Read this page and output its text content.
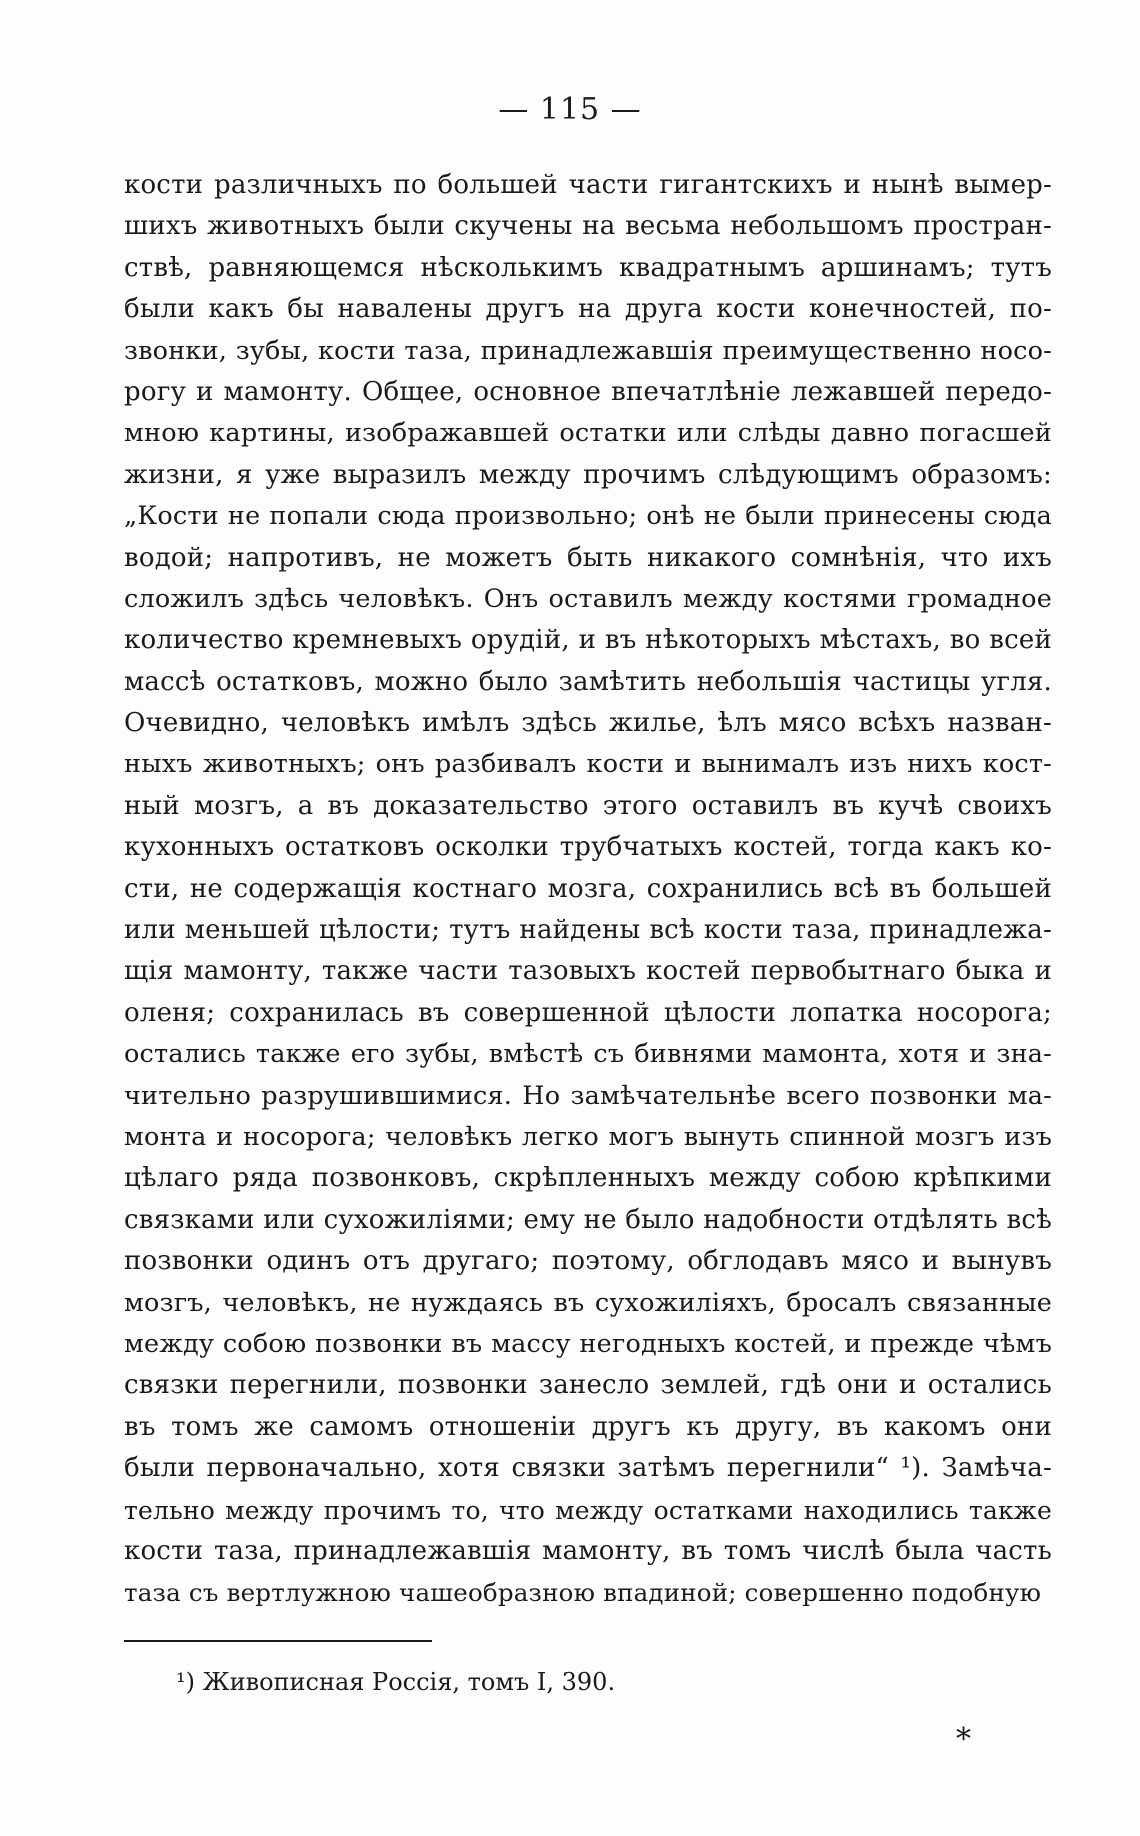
— 115 —
кости различныхъ по большей части гигантскихъ и нынѣ вымер-
шихъ животныхъ были скучены на весьма небольшомъ простран-
ствѣ, равняющемся нѣсколькимъ квадратнымъ аршинамъ; тутъ
были какъ бы навалены другъ на друга кости конечностей, по-
звонки, зубы, кости таза, принадлежавшія преимущественно носо-
рогу и мамонту. Общее, основное впечатлѣніе лежавшей передо-
мною картины, изображавшей остатки или слѣды давно погасшей
жизни, я уже выразилъ между прочимъ слѣдующимъ образомъ:
„Кости не попали сюда произвольно; онѣ не были принесены сюда
водой; напротивъ, не можетъ быть никакого сомнѣнія, что ихъ
сложилъ здѣсь человѣкъ. Онъ оставилъ между костями громадное
количество кремневыхъ орудій, и въ нѣкоторыхъ мѣстахъ, во всей
массѣ остатковъ, можно было замѣтить небольшія частицы угля.
Очевидно, человѣкъ имѣлъ здѣсь жилье, ѣлъ мясо всѣхъ назван-
ныхъ животныхъ; онъ разбивалъ кости и вынималъ изъ нихъ кост-
ный мозгъ, а въ доказательство этого оставилъ въ кучѣ своихъ
кухонныхъ остатковъ осколки трубчатыхъ костей, тогда какъ ко-
сти, не содержащія костнаго мозга, сохранились всѣ въ большей
или меньшей цѣлости; тутъ найдены всѣ кости таза, принадлежа-
щія мамонту, также части тазовыхъ костей первобытнаго быка и
оленя; сохранилась въ совершенной цѣлости лопатка носорога;
остались также его зубы, вмѣстѣ съ бивнями мамонта, хотя и зна-
чительно разрушившимися. Но замѣчательнѣе всего позвонки ма-
монта и носорога; человѣкъ легко могъ вынуть спинной мозгъ изъ
цѣлаго ряда позвонковъ, скрѣпленныхъ между собою крѣпкими
связками или сухожиліями; ему не было надобности отдѣлять всѣ
позвонки одинъ отъ другаго; поэтому, обглодавъ мясо и вынувъ
мозгъ, человѣкъ, не нуждаясь въ сухожиліяхъ, бросалъ связанные
между собою позвонки въ массу негодныхъ костей, и прежде чѣмъ
связки перегнили, позвонки занесло землей, гдѣ они и остались
въ томъ же самомъ отношеніи другъ къ другу, въ какомъ они
были первоначально, хотя связки затѣмъ перегнили“ ¹). Замѣча-
тельно между прочимъ то, что между остатками находились также
кости таза, принадлежавшія мамонту, въ томъ числѣ была часть
таза съ вертлужною чашеобразною впадиной; совершенно подобную
¹) Живописная Россія, томъ I, 390.
*
